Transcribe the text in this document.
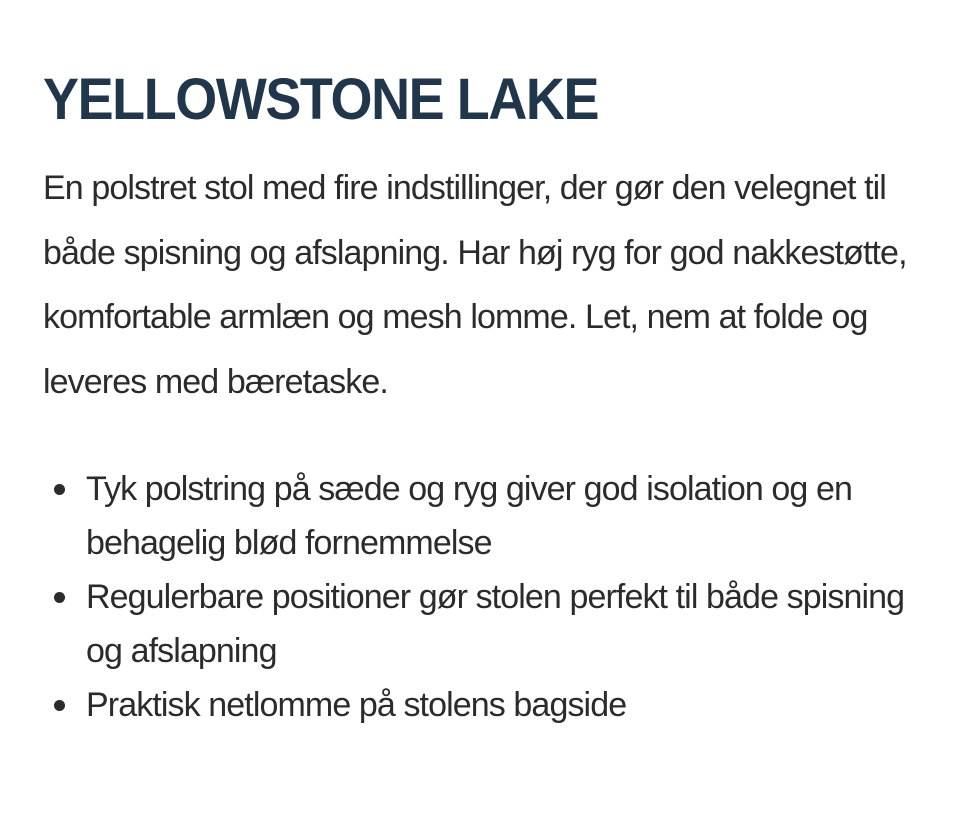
YELLOWSTONE LAKE

En polstret stol med fire indstillinger, der gør den velegnet til både spisning og afslapning. Har høj ryg for god nakkestøtte, komfortable armlæn og mesh lomme. Let, nem at folde og leveres med bæretaske.

Tyk polstring på sæde og ryg giver god isolation og en behagelig blød fornemmelse
Regulerbare positioner gør stolen perfekt til både spisning og afslapning
Praktisk netlomme på stolens bagside
